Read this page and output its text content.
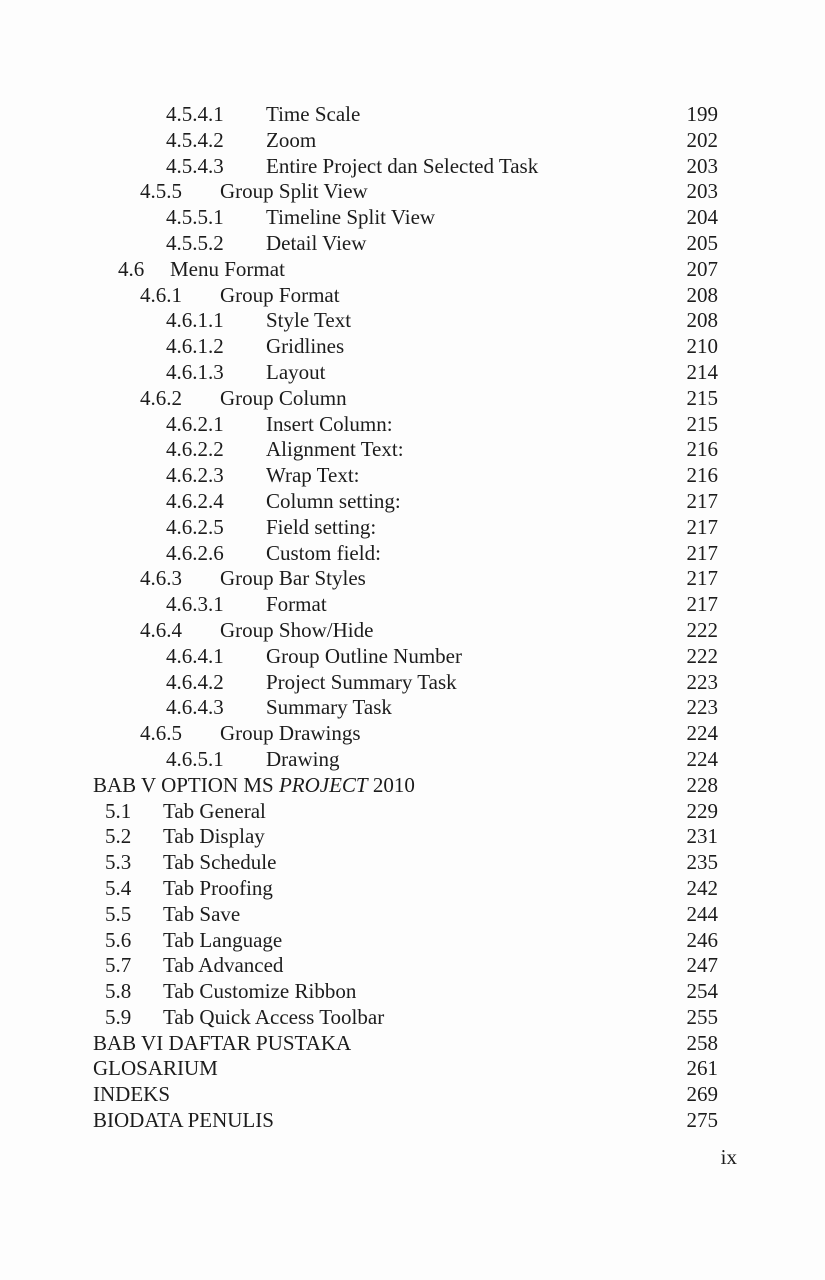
4.5.4.1 Time Scale	199
4.5.4.2 Zoom	202
4.5.4.3 Entire Project dan Selected Task	203
4.5.5 Group Split View	203
4.5.5.1 Timeline Split View	204
4.5.5.2 Detail View	205
4.6 Menu Format	207
4.6.1 Group Format	208
4.6.1.1 Style Text	208
4.6.1.2 Gridlines	210
4.6.1.3 Layout	214
4.6.2 Group Column	215
4.6.2.1 Insert Column:	215
4.6.2.2 Alignment Text:	216
4.6.2.3 Wrap Text:	216
4.6.2.4 Column setting:	217
4.6.2.5 Field setting:	217
4.6.2.6 Custom field:	217
4.6.3 Group Bar Styles	217
4.6.3.1 Format	217
4.6.4 Group Show/Hide	222
4.6.4.1 Group Outline Number	222
4.6.4.2 Project Summary Task	223
4.6.4.3 Summary Task	223
4.6.5 Group Drawings	224
4.6.5.1 Drawing	224
BAB V OPTION MS PROJECT 2010	228
5.1 Tab General	229
5.2 Tab Display	231
5.3 Tab Schedule	235
5.4 Tab Proofing	242
5.5 Tab Save	244
5.6 Tab Language	246
5.7 Tab Advanced	247
5.8 Tab Customize Ribbon	254
5.9 Tab Quick Access Toolbar	255
BAB VI DAFTAR PUSTAKA	258
GLOSARIUM	261
INDEKS	269
BIODATA PENULIS	275
ix
